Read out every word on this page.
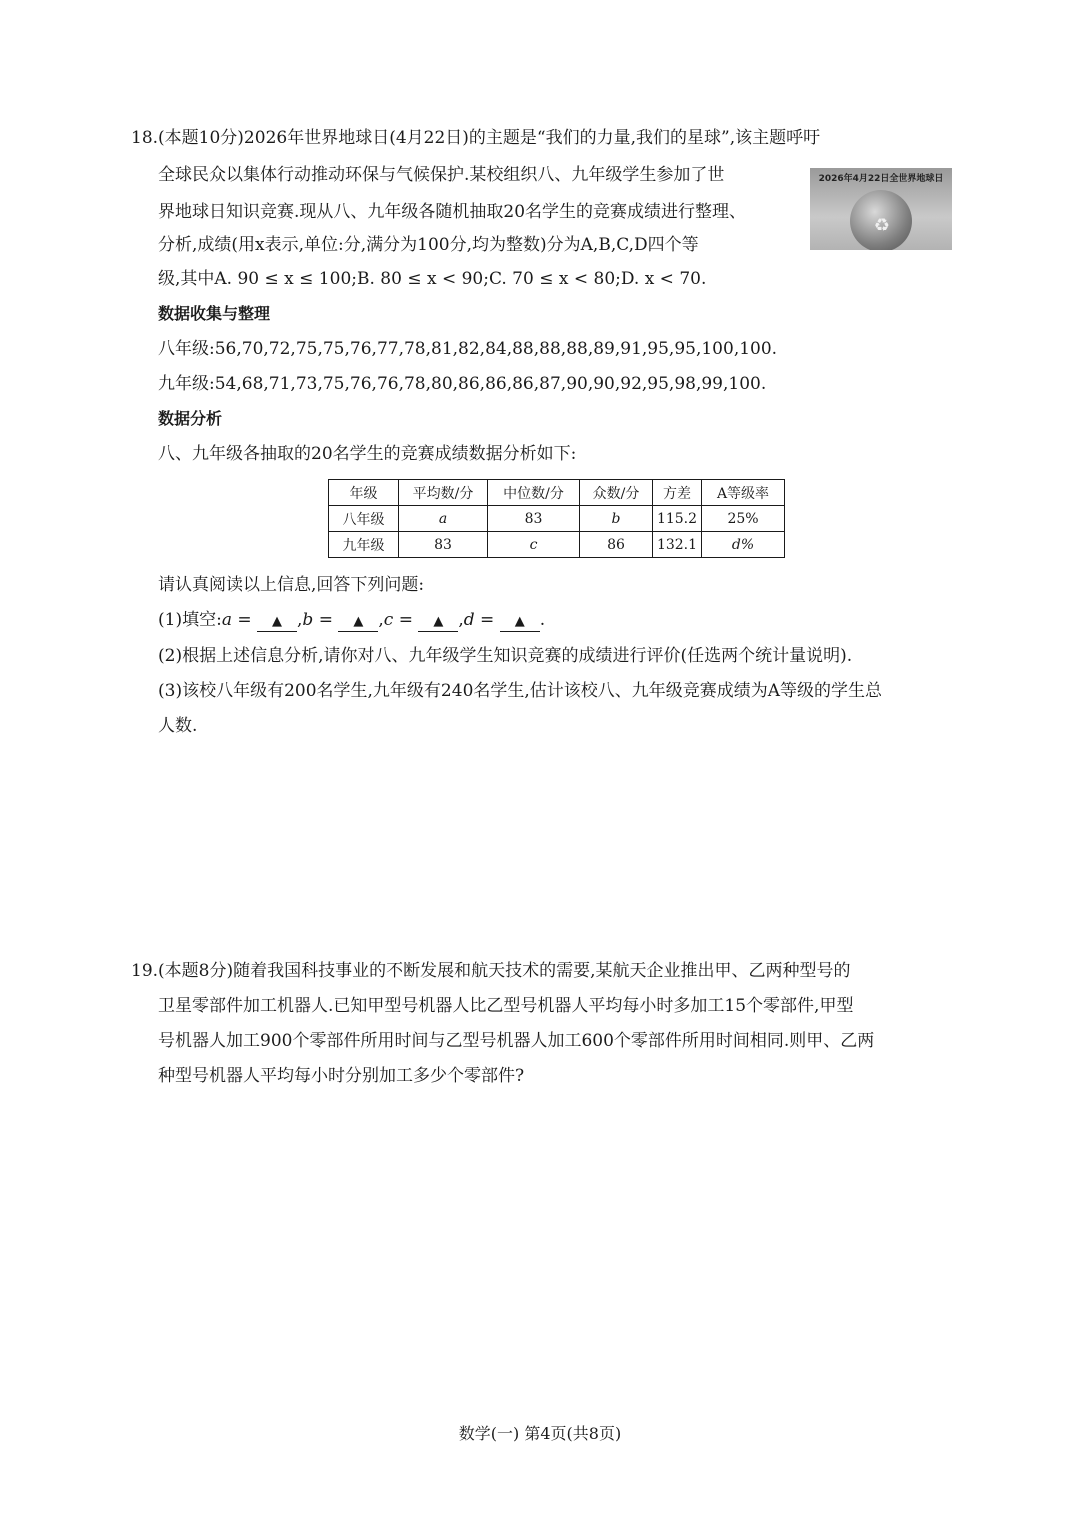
18.(本题10分)2026年世界地球日(4月22日)的主题是“我们的力量,我们的星球”,该主题呼吁
全球民众以集体行动推动环保与气候保护.某校组织八、九年级学生参加了世
界地球日知识竞赛.现从八、九年级各随机抽取20名学生的竞赛成绩进行整理、
分析,成绩(用x表示,单位:分,满分为100分,均为整数)分为A,B,C,D四个等
级,其中A. 90 ≤ x ≤ 100;B. 80 ≤ x < 90;C. 70 ≤ x < 80;D. x < 70.
2026年4月22日全世界地球日
♻
数据收集与整理
八年级:56,70,72,75,75,76,77,78,81,82,84,88,88,88,89,91,95,95,100,100.
九年级:54,68,71,73,75,76,76,78,80,86,86,86,87,90,90,92,95,98,99,100.
数据分析
八、九年级各抽取的20名学生的竞赛成绩数据分析如下:
年级	平均数/分	中位数/分	众数/分	方差	A等级率
八年级	a	83	b	115.2	25%
九年级	83	c	86	132.1	d%
请认真阅读以上信息,回答下列问题:
(1)填空:a = ▲ ,b = ▲ ,c = ▲ ,d = ▲ .
(2)根据上述信息分析,请你对八、九年级学生知识竞赛的成绩进行评价(任选两个统计量说明).
(3)该校八年级有200名学生,九年级有240名学生,估计该校八、九年级竞赛成绩为A等级的学生总
人数.
19.(本题8分)随着我国科技事业的不断发展和航天技术的需要,某航天企业推出甲、乙两种型号的
卫星零部件加工机器人.已知甲型号机器人比乙型号机器人平均每小时多加工15个零部件,甲型
号机器人加工900个零部件所用时间与乙型号机器人加工600个零部件所用时间相同.则甲、乙两
种型号机器人平均每小时分别加工多少个零部件?
数学(一) 第4页(共8页)
